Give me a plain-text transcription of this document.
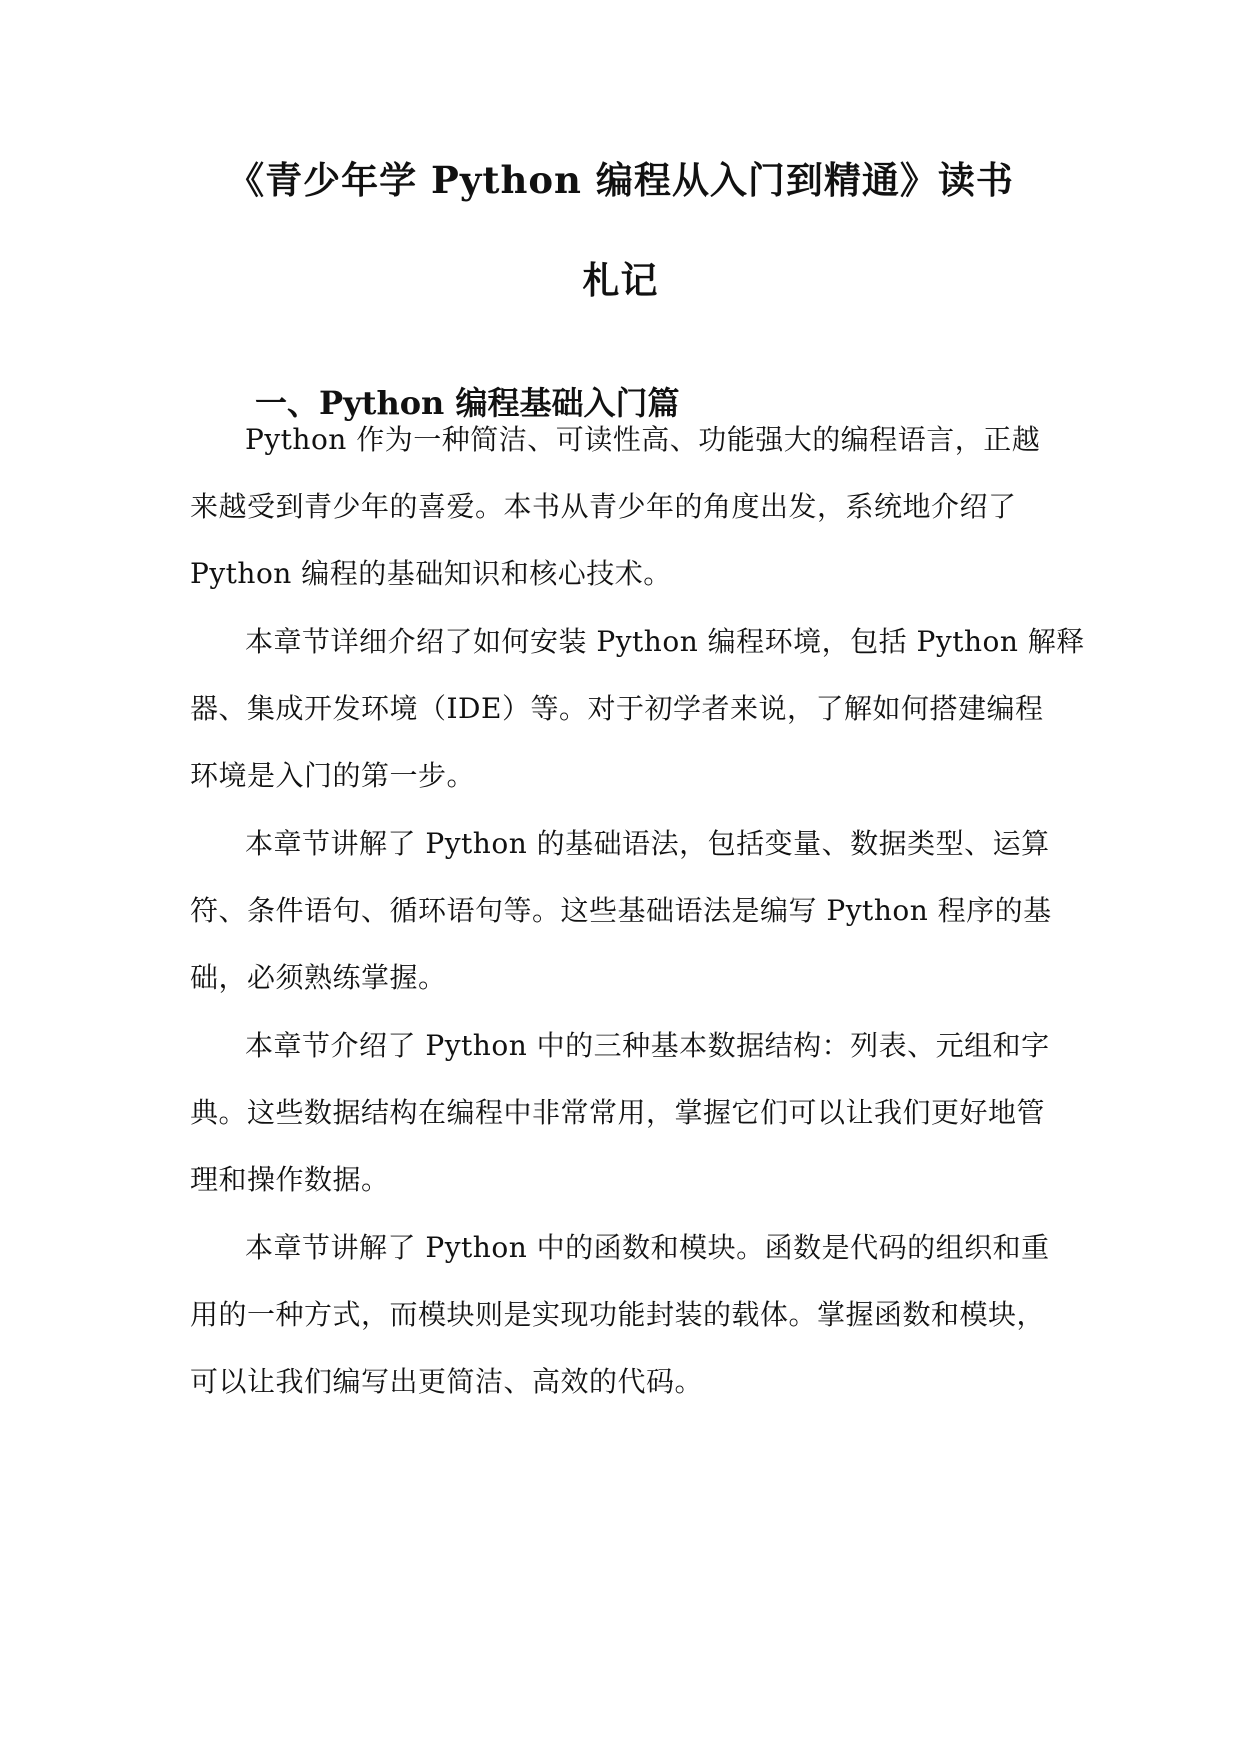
《青少年学 Python 编程从入门到精通》读书
札记
一、Python 编程基础入门篇
Python 作为一种简洁、可读性高、功能强大的编程语言，正越
来越受到青少年的喜爱。本书从青少年的角度出发，系统地介绍了
Python 编程的基础知识和核心技术。
本章节详细介绍了如何安装 Python 编程环境，包括 Python 解释
器、集成开发环境（IDE）等。对于初学者来说，了解如何搭建编程
环境是入门的第一步。
本章节讲解了 Python 的基础语法，包括变量、数据类型、运算
符、条件语句、循环语句等。这些基础语法是编写 Python 程序的基
础，必须熟练掌握。
本章节介绍了 Python 中的三种基本数据结构：列表、元组和字
典。这些数据结构在编程中非常常用，掌握它们可以让我们更好地管
理和操作数据。
本章节讲解了 Python 中的函数和模块。函数是代码的组织和重
用的一种方式，而模块则是实现功能封装的载体。掌握函数和模块，
可以让我们编写出更简洁、高效的代码。
